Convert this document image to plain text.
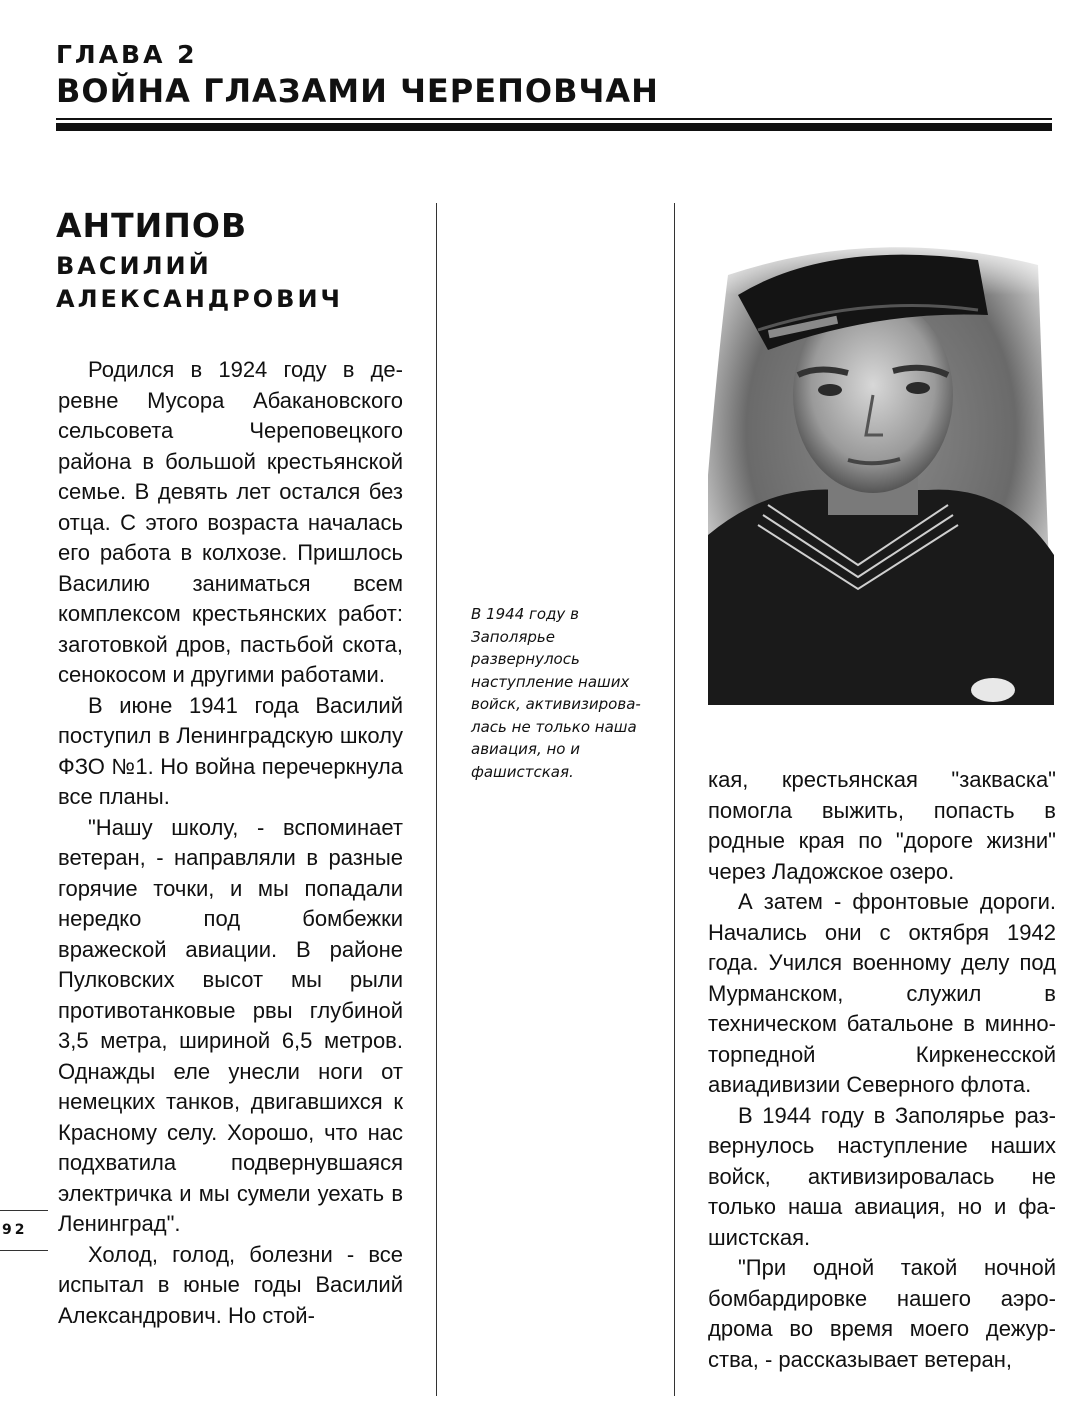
ГЛАВА 2
ВОЙНА ГЛАЗАМИ ЧЕРЕПОВЧАН
АНТИПОВ
ВАСИЛИЙ АЛЕКСАНДРОВИЧ

Родился в 1924 году в деревне Мусора Абакановского сельсовета Череповецкого района в большой крестьянской семье. В девять лет остался без отца. С этого возраста началась его работа в колхозе. Пришлось Василию заниматься всем комплексом крестьянских работ: заготовкой дров, пастьбой скота, сенокосом и другими работами.

В июне 1941 года Василий поступил в Ленинградскую школу ФЗО №1. Но война перечеркнула все планы.

"Нашу школу, - вспоминает ветеран, - направляли в разные горячие точки, и мы попадали нередко под бомбежки вражеской авиации. В районе Пулковских высот мы рыли противотанковые рвы глубиной 3,5 метра, шириной 6,5 метров. Однажды еле унесли ноги от немецких танков, двигавшихся к Красному селу. Хорошо, что нас подхватила подвернувшаяся электричка и мы сумели уехать в Ленинград".

Холод, голод, болезни - все испытал в юные годы Василий Александрович. Но стой-

В 1944 году в Заполярье развернулось наступление наших войск, активизировалась не только наша авиация, но и фашистская.	кая, крестьянская "закваска" помогла выжить, попасть в родные края по "дороге жизни" через Ладожское озеро.

А затем - фронтовые дороги. Начались они с октября 1942 года. Учился военному делу под Мурманском, служил в техническом батальоне в минно-торпедной Киркенесской авиадивизии Северного флота.

В 1944 году в Заполярье развернулось наступление наших войск, активизировалась не только наша авиация, но и фашистская.

"При одной такой ночной бомбардировке нашего аэродрома во время моего дежурства, - рассказывает ветеран,

92
